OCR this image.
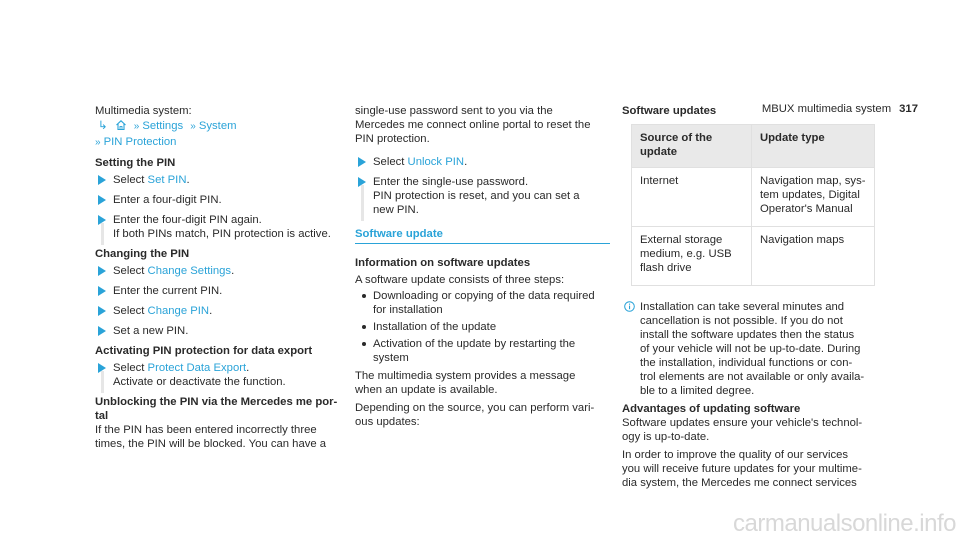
MBUX multimedia system 317

Multimedia system:

↳	» Settings » System

» PIN Protection

Setting the PIN
Select Set PIN.
Enter a four-digit PIN.

Enter the four-digit PIN again.

If both PINs match, PIN protection is active.

Changing the PIN
Select Change Settings.
Enter the current PIN.
Select Change PIN.
Set a new PIN.
Activating PIN protection for data export

Select Protect Data Export.

Activate or deactivate the function.

Unblocking the PIN via the Mercedes me por-
tal

If the PIN has been entered incorrectly three

times, the PIN will be blocked. You can have a

single-use password sent to you via the

Mercedes me connect online portal to reset the

PIN protection.

Select Unlock PIN.

Enter the single-use password.

PIN protection is reset, and you can set a

new PIN.

Software update
Information on software updates

A software update consists of three steps:

Downloading or copying of the data required
for installation
Installation of the update
Activation of the update by restarting the
system

The multimedia system provides a message

when an update is available.

Depending on the source, you can perform vari-

ous updates:

Software updates
Source of the
update	Update type
Internet	Navigation map, sys-
tem updates, Digital
Operator's Manual
External storage
medium, e.g. USB
flash drive	Navigation maps

Installation can take several minutes and

cancellation is not possible. If you do not

install the software updates then the status

of your vehicle will not be up-to-date. During

the installation, individual functions or con-

trol elements are not available or only availa-

ble to a limited degree.

Advantages of updating software

Software updates ensure your vehicle's technol-

ogy is up-to-date.

In order to improve the quality of our services

you will receive future updates for your multime-

dia system, the Mercedes me connect services

carmanualsonline.info
